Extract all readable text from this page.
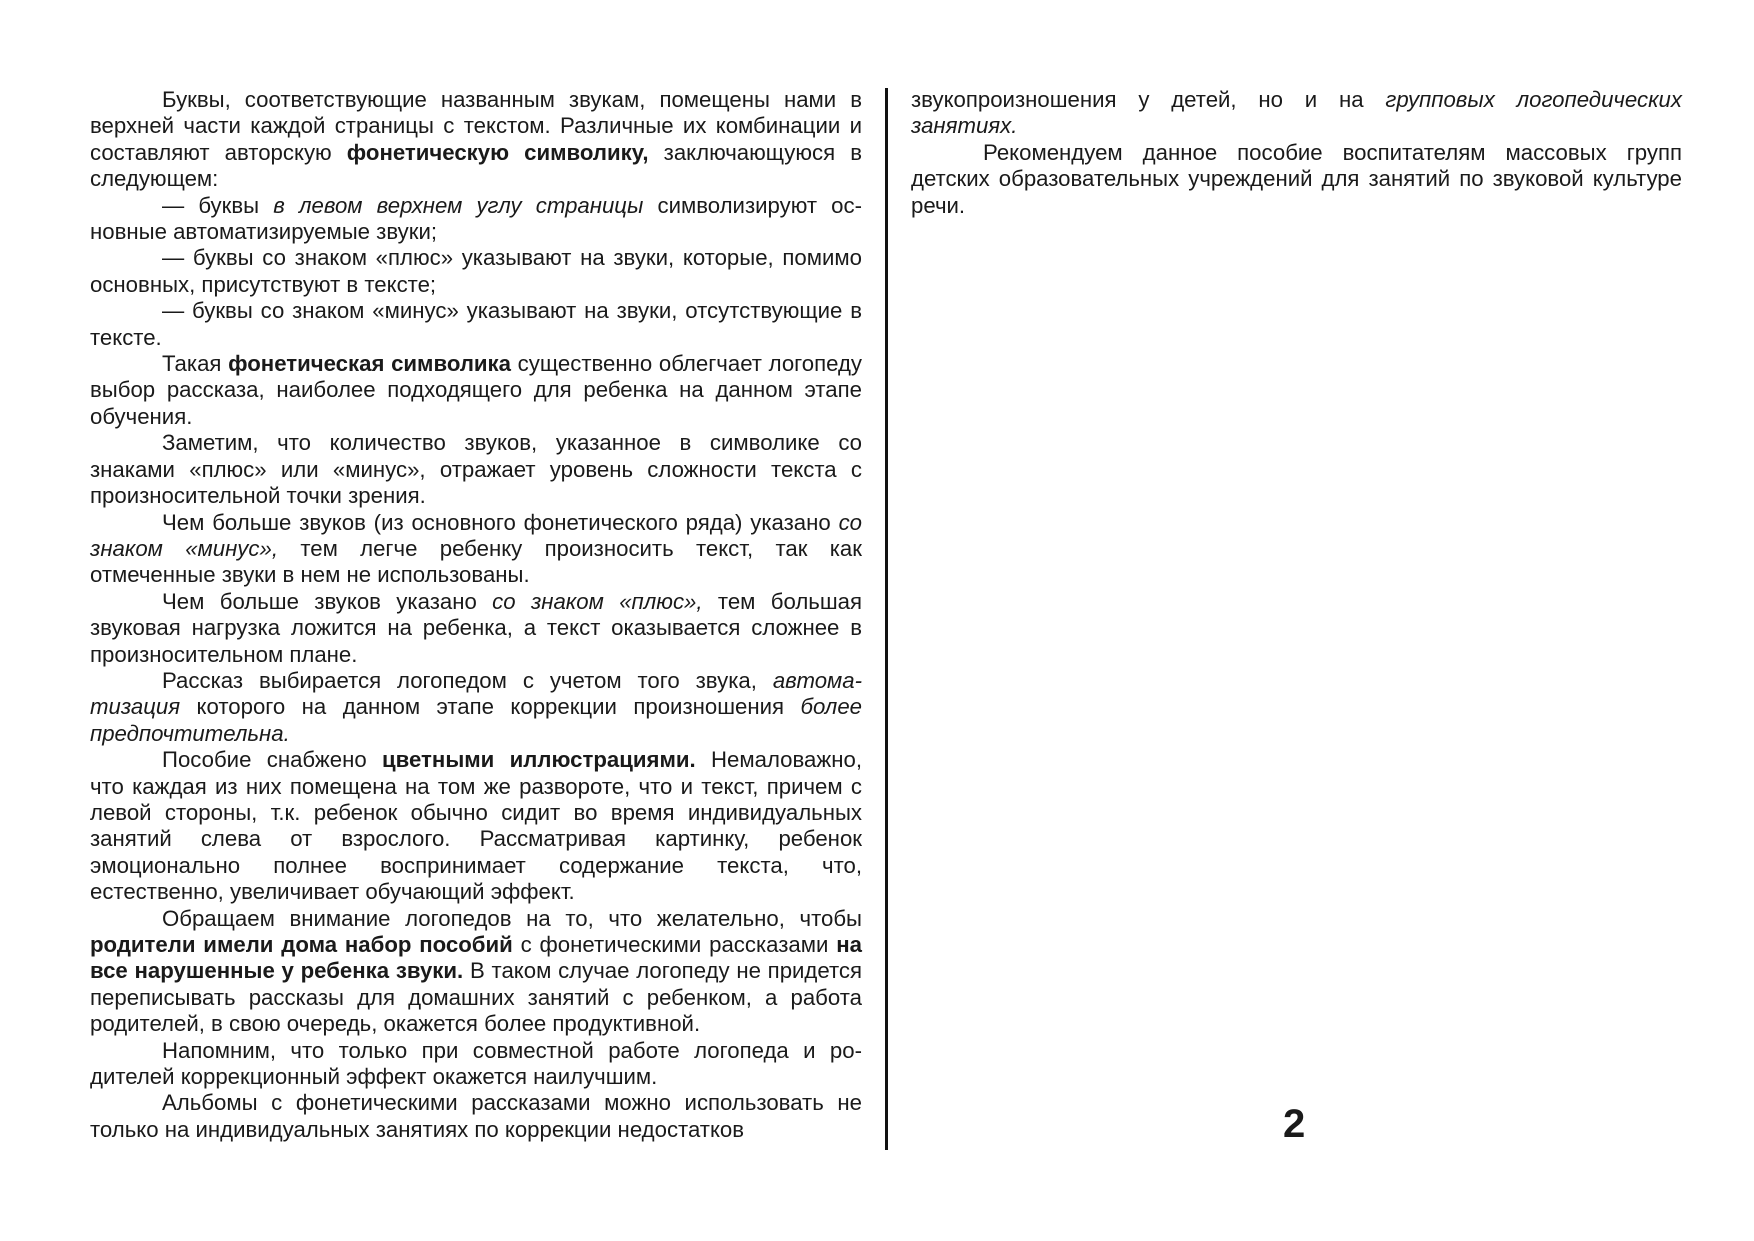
Буквы, соответствующие названным звукам, помещены нами в верхней части каждой страницы с текстом. Различные их комбинации и составляют авторскую фонетическую символику, заключающуюся в следующем:

— буквы в левом верхнем углу страницы символизируют основные автоматизируемые звуки;

— буквы со знаком «плюс» указывают на звуки, которые, помимо основных, присутствуют в тексте;

— буквы со знаком «минус» указывают на звуки, отсутствующие в тексте.

Такая фонетическая символика существенно облегчает логопеду выбор рассказа, наиболее подходящего для ребенка на данном этапе обучения.

Заметим, что количество звуков, указанное в символике со знаками «плюс» или «минус», отражает уровень сложности текста с произносительной точки зрения.

Чем больше звуков (из основного фонетического ряда) указано со знаком «минус», тем легче ребенку произносить текст, так как отмеченные звуки в нем не использованы.

Чем больше звуков указано со знаком «плюс», тем большая звуковая нагрузка ложится на ребенка, а текст оказывается сложнее в произносительном плане.

Рассказ выбирается логопедом с учетом того звука, автоматизация которого на данном этапе коррекции произношения более предпочтительна.

Пособие снабжено цветными иллюстрациями. Немаловажно, что каждая из них помещена на том же развороте, что и текст, причем с левой стороны, т.к. ребенок обычно сидит во время индивидуальных занятий слева от взрослого. Рассматривая картинку, ребенок эмоционально полнее воспринимает содержание текста, что, естественно, увеличивает обучающий эффект.

Обращаем внимание логопедов на то, что желательно, чтобы родители имели дома набор пособий с фонетическими рассказами на все нарушенные у ребенка звуки. В таком случае логопеду не придется переписывать рассказы для домашних занятий с ребенком, а работа родителей, в свою очередь, окажется более продуктивной.

Напомним, что только при совместной работе логопеда и родителей коррекционный эффект окажется наилучшим.

Альбомы с фонетическими рассказами можно использовать не только на индивидуальных занятиях по коррекции недостатков

звукопроизношения у детей, но и на групповых логопедических занятиях.

Рекомендуем данное пособие воспитателям массовых групп детских образовательных учреждений для занятий по звуковой культуре речи.

2
